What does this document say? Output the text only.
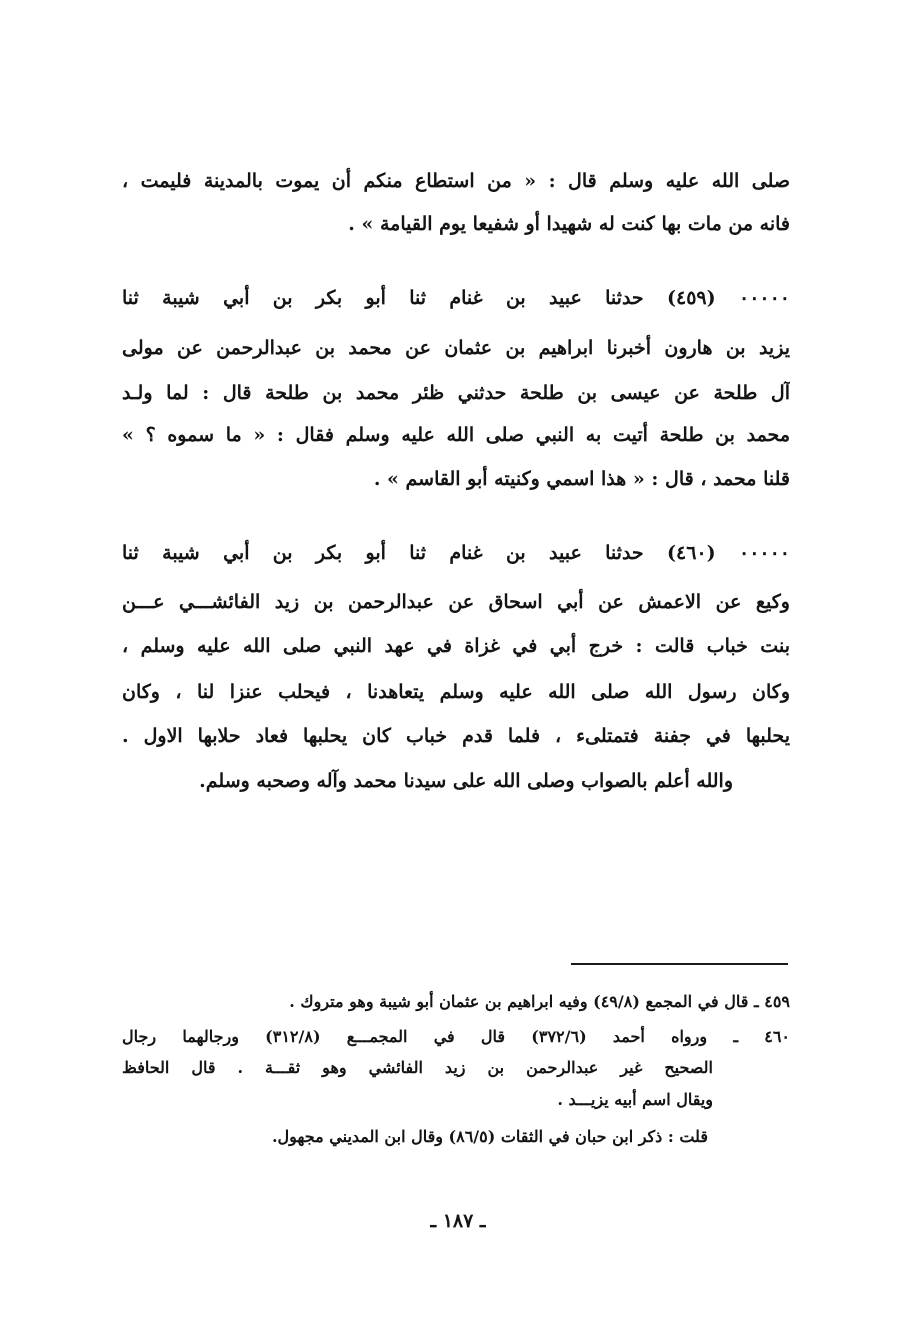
صلى الله عليه وسلم قال : « من استطاع منكم أن يموت بالمدينة فليمت ،
فانه من مات بها كنت له شهيدا أو شفيعا يوم القيامة » .
٠٠٠٠٠ (٤٥٩) حدثنا عبيد بن غنام ثنا أبو بكر بن أبي شيبة ثنا
يزيد بن هارون أخبرنا ابراهيم بن عثمان عن محمد بن عبدالرحمن عن مولى
آل طلحة عن عيسى بن طلحة حدثني ظئر محمد بن طلحة قال : لما ولـد
محمد بن طلحة أتيت به النبي صلى الله عليه وسلم فقال : « ما سموه ؟ »
قلنا محمد ، قال : « هذا اسمي وكنيته أبو القاسم » .
٠٠٠٠٠ (٤٦٠) حدثنا عبيد بن غنام ثنا أبو بكر بن أبي شيبة ثنا
وكيع عن الاعمش عن أبي اسحاق عن عبدالرحمن بن زيد الفائشـــي عـــن
بنت خباب قالت : خرج أبي في غزاة في عهد النبي صلى الله عليه وسلم ،
وكان رسول الله صلى الله عليه وسلم يتعاهدنا ، فيحلب عنزا لنا ، وكان
يحلبها في جفنة فتمتلىء ، فلما قدم خباب كان يحلبها فعاد حلابها الاول .
والله أعلم بالصواب وصلى الله على سيدنا محمد وآله وصحبه وسلم.
٤٥٩ ـ قال في المجمع (٤٩/٨) وفيه ابراهيم بن عثمان أبو شيبة وهو متروك .
٤٦٠ ـ ورواه أحمد (٣٧٢/٦) قال في المجمـــع (٣١٢/٨) ورجالهما رجال
الصحيح غير عبدالرحمن بن زيد الفائشي وهو ثقـــة . قال الحافظ
ويقال اسم أبيه يزيـــد .
قلت : ذكر ابن حبان في الثقات (٨٦/٥) وقال ابن المديني مجهول.
ـ ١٨٧ ـ
